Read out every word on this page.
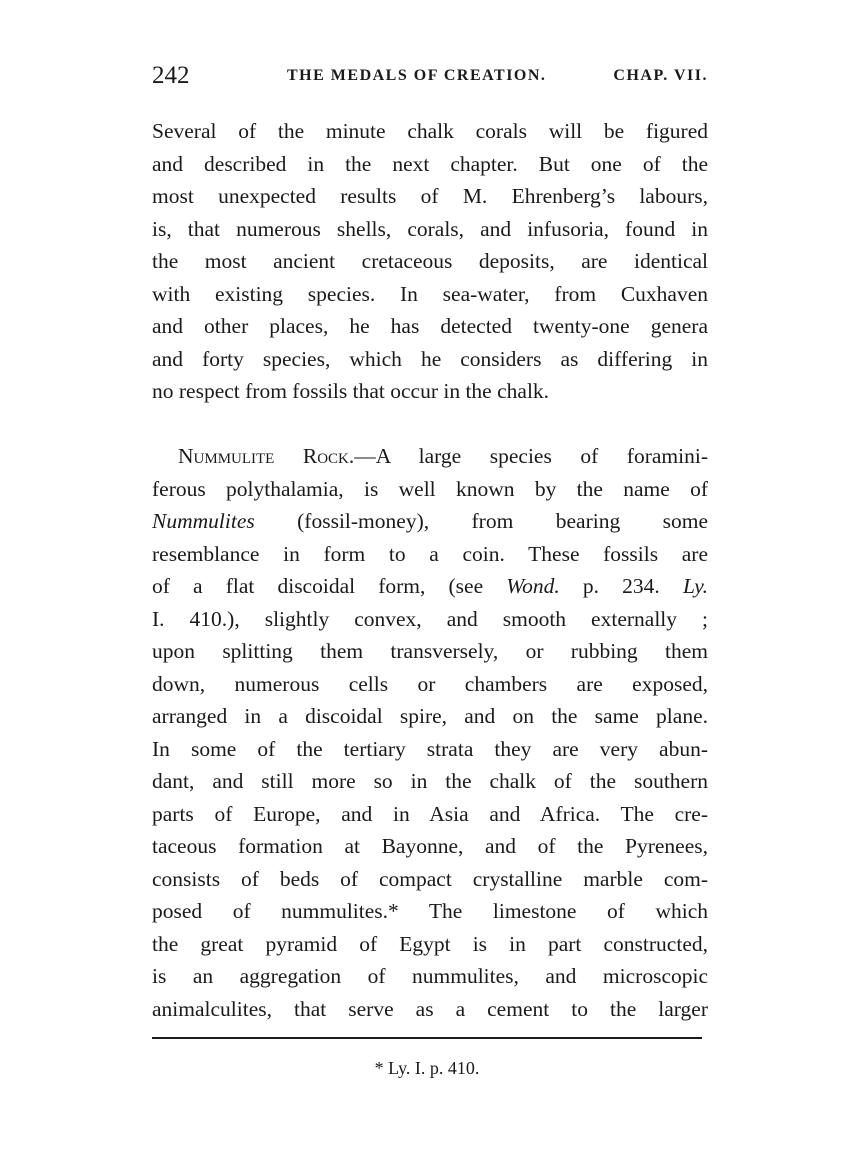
242	THE MEDALS OF CREATION.	CHAP. VII.
Several of the minute chalk corals will be figured
and described in the next chapter. But one of the
most unexpected results of M. Ehrenberg’s labours,
is, that numerous shells, corals, and infusoria, found in
the most ancient cretaceous deposits, are identical
with existing species. In sea-water, from Cuxhaven
and other places, he has detected twenty-one genera
and forty species, which he considers as differing in
no respect from fossils that occur in the chalk.
Nummulite Rock.—A large species of foramini-
ferous polythalamia, is well known by the name of
Nummulites (fossil-money), from bearing some
resemblance in form to a coin. These fossils are
of a flat discoidal form, (see Wond. p. 234. Ly.
I. 410.), slightly convex, and smooth externally ;
upon splitting them transversely, or rubbing them
down, numerous cells or chambers are exposed,
arranged in a discoidal spire, and on the same plane.
In some of the tertiary strata they are very abun-
dant, and still more so in the chalk of the southern
parts of Europe, and in Asia and Africa. The cre-
taceous formation at Bayonne, and of the Pyrenees,
consists of beds of compact crystalline marble com-
posed of nummulites.* The limestone of which
the great pyramid of Egypt is in part constructed,
is an aggregation of nummulites, and microscopic
animalculites, that serve as a cement to the larger
* Ly. I. p. 410.
